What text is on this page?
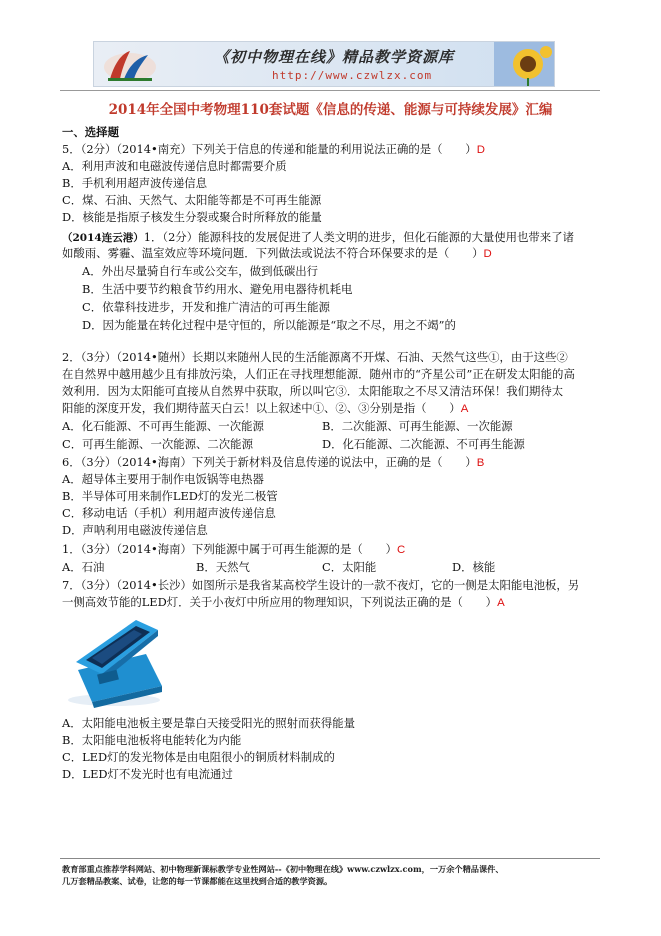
《初中物理在线》精品教学资源库
http://www.czwlzx.com
2014年全国中考物理110套试题《信息的传递、能源与可持续发展》汇编
一、选择题
5．（2分）（2014•南充）下列关于信息的传递和能量的利用说法正确的是（　　）D
A．利用声波和电磁波传递信息时都需要介质
B．手机利用超声波传递信息
C．煤、石油、天然气、太阳能等都是不可再生能源
D．核能是指原子核发生分裂或聚合时所释放的能量
（2014连云港）1．（2分）能源科技的发展促进了人类文明的进步，但化石能源的大量使用也带来了诸
如酸雨、雾霾、温室效应等环境问题．下列做法或说法不符合环保要求的是（　　）D
A．外出尽量骑自行车或公交车，做到低碳出行
B．生活中要节约粮食节约用水、避免用电器待机耗电
C．依靠科技进步，开发和推广清洁的可再生能源
D．因为能量在转化过程中是守恒的，所以能源是“取之不尽，用之不竭”的
2．（3分）（2014•随州）长期以来随州人民的生活能源离不开煤、石油、天然气这些①，由于这些②
在自然界中越用越少且有排放污染，人们正在寻找理想能源．随州市的“齐星公司”正在研发太阳能的高
效利用．因为太阳能可直接从自然界中获取，所以叫它③．太阳能取之不尽又清洁环保！我们期待太
阳能的深度开发，我们期待蓝天白云！以上叙述中①、②、③分别是指（　　）A
A．化石能源、不可再生能源、一次能源	B．二次能源、可再生能源、一次能源
C．可再生能源、一次能源、二次能源	D．化石能源、二次能源、不可再生能源
6．（3分）（2014•海南）下列关于新材料及信息传递的说法中，正确的是（　　）B
A．超导体主要用于制作电饭锅等电热器
B．半导体可用来制作LED灯的发光二极管
C．移动电话（手机）利用超声波传递信息
D．声呐利用电磁波传递信息
1．（3分）（2014•海南）下列能源中属于可再生能源的是（　　）C
A．石油	B．天然气	C．太阳能	D．核能
7．（3分）（2014•长沙）如图所示是我省某高校学生设计的一款不夜灯，它的一侧是太阳能电池板，另
一侧高效节能的LED灯．关于小夜灯中所应用的物理知识，下列说法正确的是（　　）A
A．太阳能电池板主要是靠白天接受阳光的照射而获得能量
B．太阳能电池板将电能转化为内能
C．LED灯的发光物体是由电阻很小的铜质材料制成的
D．LED灯不发光时也有电流通过
教育部重点推荐学科网站、初中物理新课标教学专业性网站--《初中物理在线》www.czwlzx.com，一万余个精品课件、
几万套精品教案、试卷，让您的每一节课都能在这里找到合适的教学资源。
